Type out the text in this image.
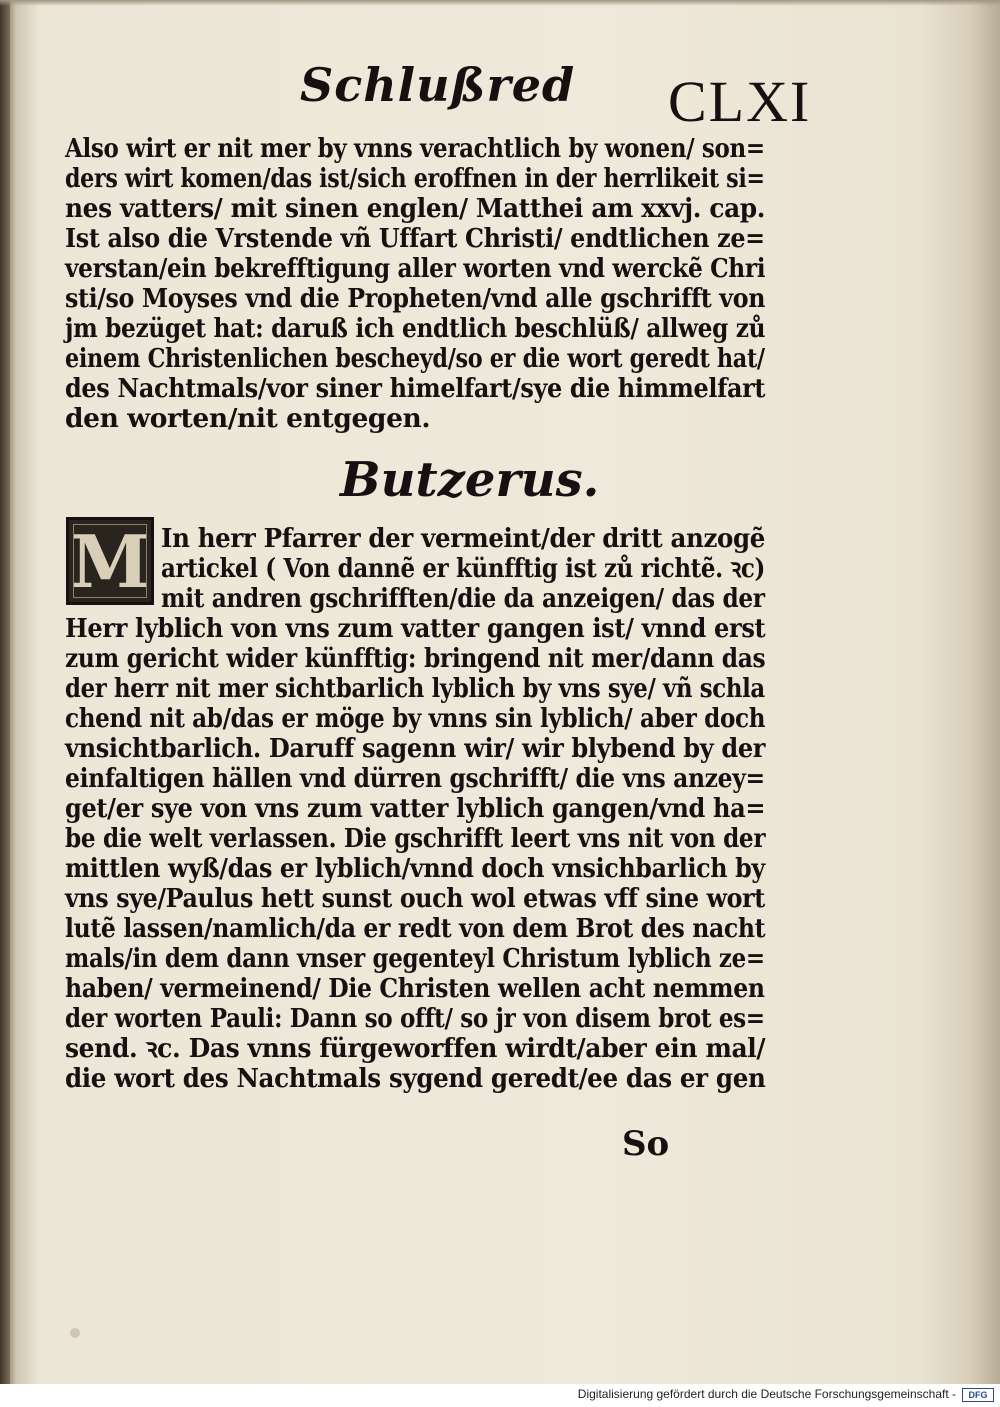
Schlußred CLXI
Also wirt er nit mer by vnns verachtlich by wonen/ son=
ders wirt komen/das ist/sich eroffnen in der herrlikeit si=
nes vatters/ mit sinen englen/ Matthei am xxvj. cap.
Ist also die Vrstende vñ Uffart Christi/ endtlichen ze=
verstan/ein bekrefftigung aller worten vnd werckẽ Chri
sti/so Moyses vnd die Propheten/vnd alle gschrifft von
jm bezüget hat: daruß ich endtlich beschlüß/ allweg zů
einem Christenlichen bescheyd/so er die wort geredt hat/
des Nachtmals/vor siner himelfart/sye die himmelfart
den worten/nit entgegen.
Butzerus.
M In herr Pfarrer der vermeint/der dritt anzogẽ
artickel ( Von dannẽ er künfftig ist zů richtẽ. ꝛc)
mit andren gschrifften/die da anzeigen/ das der
Herr lyblich von vns zum vatter gangen ist/ vnnd erst
zum gericht wider künfftig: bringend nit mer/dann das
der herr nit mer sichtbarlich lyblich by vns sye/ vñ schla
chend nit ab/das er möge by vnns sin lyblich/ aber doch
vnsichtbarlich. Daruff sagenn wir/ wir blybend by der
einfaltigen hällen vnd dürren gschrifft/ die vns anzey=
get/er sye von vns zum vatter lyblich gangen/vnd ha=
be die welt verlassen. Die gschrifft leert vns nit von der
mittlen wyß/das er lyblich/vnnd doch vnsichbarlich by
vns sye/Paulus hett sunst ouch wol etwas vff sine wort
lutẽ lassen/namlich/da er redt von dem Brot des nacht
mals/in dem dann vnser gegenteyl Christum lyblich ze=
haben/ vermeinend/ Die Christen wellen acht nemmen
der worten Pauli: Dann so offt/ so jr von disem brot es=
send. ꝛc. Das vnns fürgeworffen wirdt/aber ein mal/
die wort des Nachtmals sygend geredt/ee das er gen
So
Digitalisierung gefördert durch die Deutsche Forschungsgemeinschaft -	DFG
